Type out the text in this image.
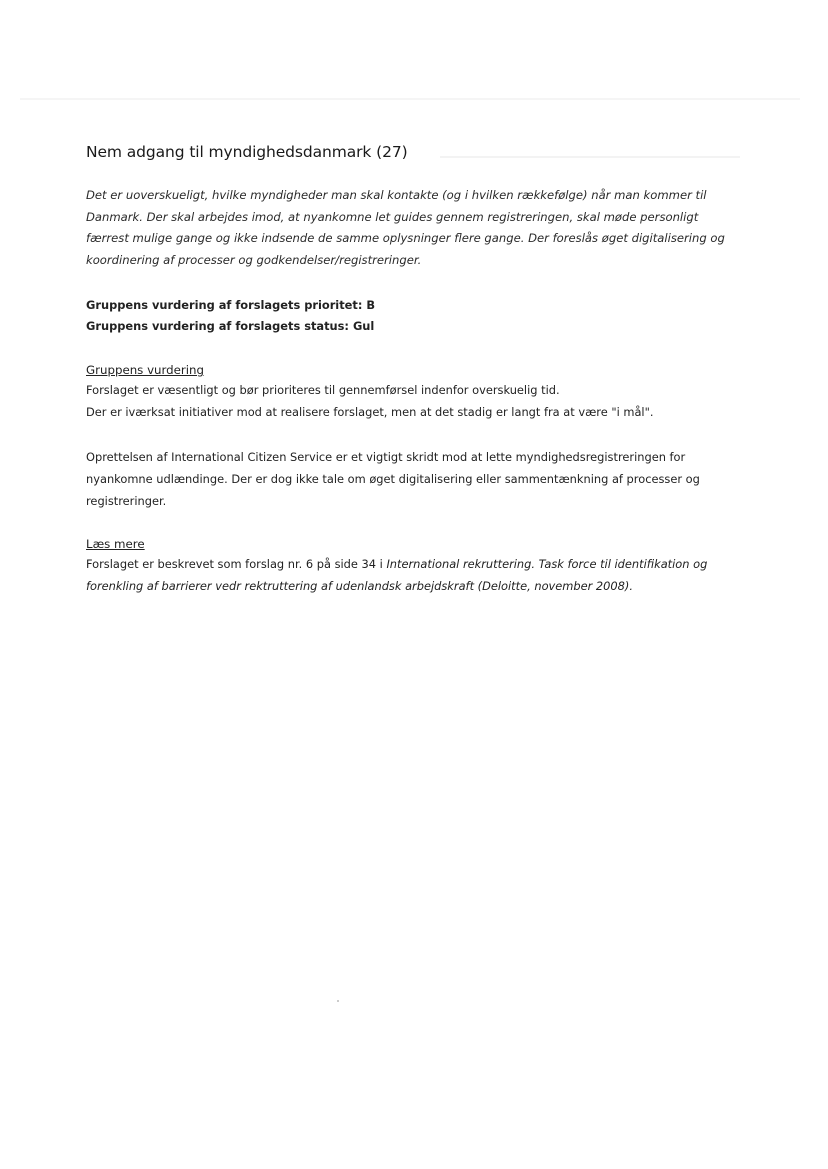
Nem adgang til myndighedsdanmark (27)

Det er uoverskueligt, hvilke myndigheder man skal kontakte (og i hvilken rækkefølge) når man kommer til Danmark. Der skal arbejdes imod, at nyankomne let guides gennem registreringen, skal møde personligt færrest mulige gange og ikke indsende de samme oplysninger flere gange. Der foreslås øget digitalisering og koordinering af processer og godkendelser/registreringer.

Gruppens vurdering af forslagets prioritet: B
Gruppens vurdering af forslagets status: Gul
Gruppens vurdering
Forslaget er væsentligt og bør prioriteres til gennemførsel indenfor overskuelig tid.
Der er iværksat initiativer mod at realisere forslaget, men at det stadig er langt fra at være "i mål".

Oprettelsen af International Citizen Service er et vigtigt skridt mod at lette myndighedsregistreringen for nyankomne udlændinge. Der er dog ikke tale om øget digitalisering eller sammentænkning af processer og registreringer.

Læs mere
Forslaget er beskrevet som forslag nr. 6 på side 34 i International rekruttering. Task force til identifikation og forenkling af barrierer vedr rektruttering af udenlandsk arbejdskraft (Deloitte, november 2008).
